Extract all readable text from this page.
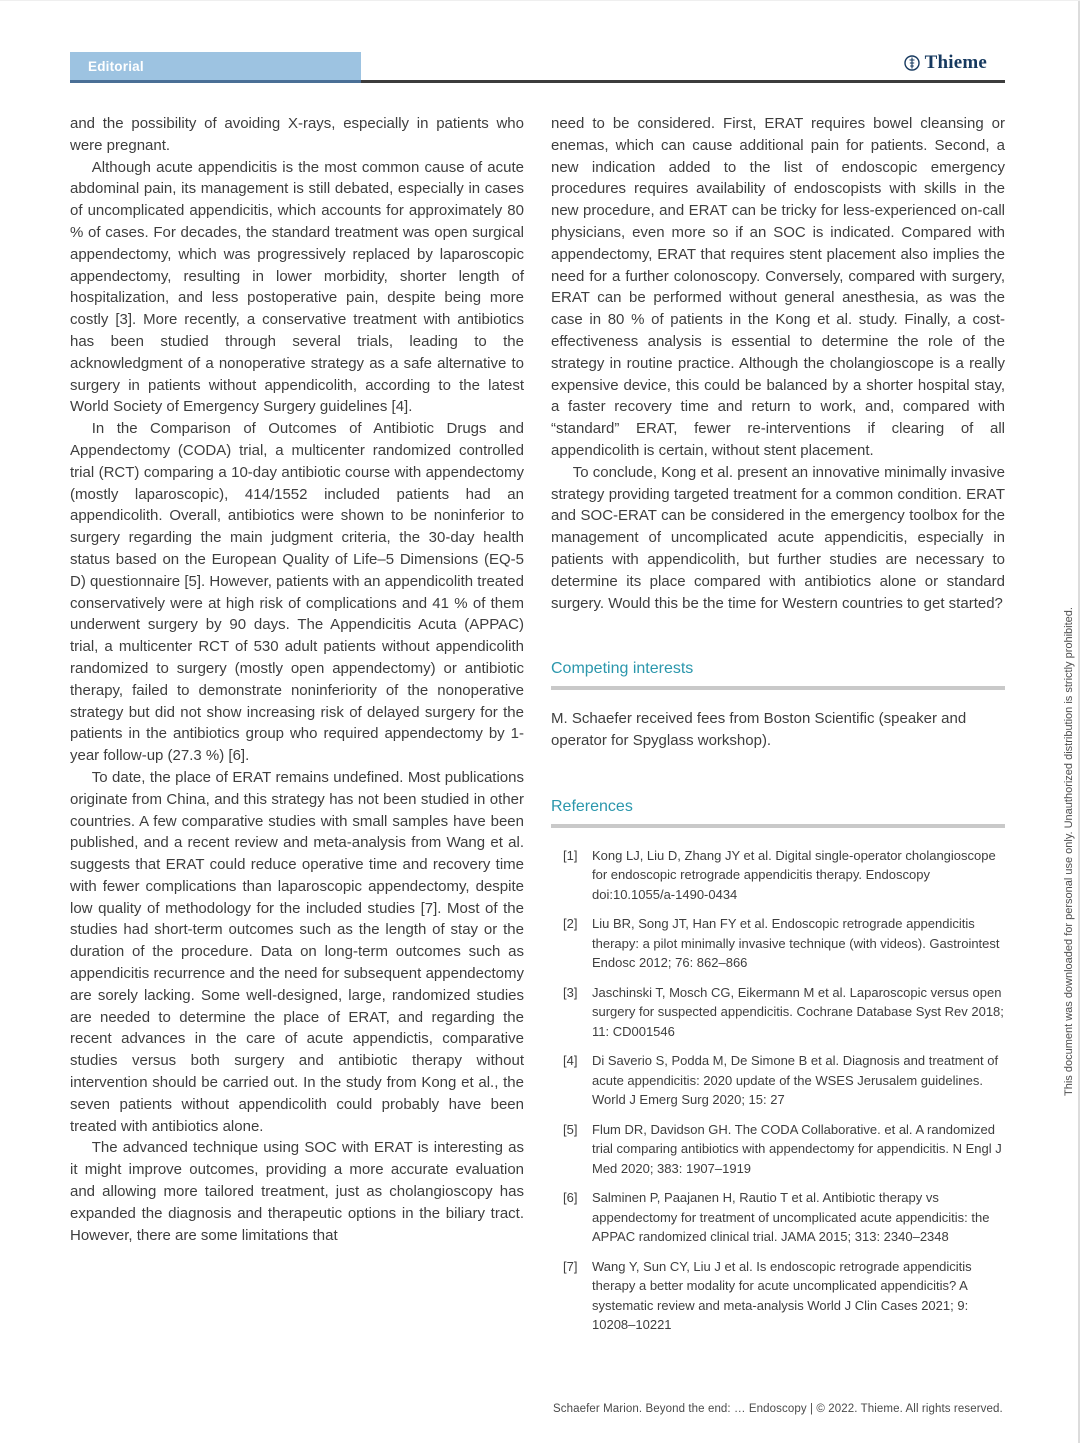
Editorial	Thieme

and the possibility of avoiding X-rays, especially in patients who were pregnant.

Although acute appendicitis is the most common cause of acute abdominal pain, its management is still debated, especially in cases of uncomplicated appendicitis, which accounts for approximately 80 % of cases. For decades, the standard treatment was open surgical appendectomy, which was progressively replaced by laparoscopic appendectomy, resulting in lower morbidity, shorter length of hospitalization, and less postoperative pain, despite being more costly [3]. More recently, a conservative treatment with antibiotics has been studied through several trials, leading to the acknowledgment of a nonoperative strategy as a safe alternative to surgery in patients without appendicolith, according to the latest World Society of Emergency Surgery guidelines [4].

In the Comparison of Outcomes of Antibiotic Drugs and Appendectomy (CODA) trial, a multicenter randomized controlled trial (RCT) comparing a 10-day antibiotic course with appendectomy (mostly laparoscopic), 414/1552 included patients had an appendicolith. Overall, antibiotics were shown to be noninferior to surgery regarding the main judgment criteria, the 30-day health status based on the European Quality of Life–5 Dimensions (EQ-5 D) questionnaire [5]. However, patients with an appendicolith treated conservatively were at high risk of complications and 41 % of them underwent surgery by 90 days. The Appendicitis Acuta (APPAC) trial, a multicenter RCT of 530 adult patients without appendicolith randomized to surgery (mostly open appendectomy) or antibiotic therapy, failed to demonstrate noninferiority of the nonoperative strategy but did not show increasing risk of delayed surgery for the patients in the antibiotics group who required appendectomy by 1-year follow-up (27.3 %) [6].

To date, the place of ERAT remains undefined. Most publications originate from China, and this strategy has not been studied in other countries. A few comparative studies with small samples have been published, and a recent review and meta-analysis from Wang et al. suggests that ERAT could reduce operative time and recovery time with fewer complications than laparoscopic appendectomy, despite low quality of methodology for the included studies [7]. Most of the studies had short-term outcomes such as the length of stay or the duration of the procedure. Data on long-term outcomes such as appendicitis recurrence and the need for subsequent appendectomy are sorely lacking. Some well-designed, large, randomized studies are needed to determine the place of ERAT, and regarding the recent advances in the care of acute appendictis, comparative studies versus both surgery and antibiotic therapy without intervention should be carried out. In the study from Kong et al., the seven patients without appendicolith could probably have been treated with antibiotics alone.

The advanced technique using SOC with ERAT is interesting as it might improve outcomes, providing a more accurate evaluation and allowing more tailored treatment, just as cholangioscopy has expanded the diagnosis and therapeutic options in the biliary tract. However, there are some limitations that

need to be considered. First, ERAT requires bowel cleansing or enemas, which can cause additional pain for patients. Second, a new indication added to the list of endoscopic emergency procedures requires availability of endoscopists with skills in the new procedure, and ERAT can be tricky for less-experienced on-call physicians, even more so if an SOC is indicated. Compared with appendectomy, ERAT that requires stent placement also implies the need for a further colonoscopy. Conversely, compared with surgery, ERAT can be performed without general anesthesia, as was the case in 80 % of patients in the Kong et al. study. Finally, a cost-effectiveness analysis is essential to determine the role of the strategy in routine practice. Although the cholangioscope is a really expensive device, this could be balanced by a shorter hospital stay, a faster recovery time and return to work, and, compared with “standard” ERAT, fewer re-interventions if clearing of all appendicolith is certain, without stent placement.

To conclude, Kong et al. present an innovative minimally invasive strategy providing targeted treatment for a common condition. ERAT and SOC-ERAT can be considered in the emergency toolbox for the management of uncomplicated acute appendicitis, especially in patients with appendicolith, but further studies are necessary to determine its place compared with antibiotics alone or standard surgery. Would this be the time for Western countries to get started?

Competing interests

M. Schaefer received fees from Boston Scientific (speaker and operator for Spyglass workshop).

References
[1]	Kong LJ, Liu D, Zhang JY et al. Digital single-operator cholangioscope for endoscopic retrograde appendicitis therapy. Endoscopy doi:10.1055/a-1490-0434
[2]	Liu BR, Song JT, Han FY et al. Endoscopic retrograde appendicitis therapy: a pilot minimally invasive technique (with videos). Gastrointest Endosc 2012; 76: 862–866
[3]	Jaschinski T, Mosch CG, Eikermann M et al. Laparoscopic versus open surgery for suspected appendicitis. Cochrane Database Syst Rev 2018; 11: CD001546
[4]	Di Saverio S, Podda M, De Simone B et al. Diagnosis and treatment of acute appendicitis: 2020 update of the WSES Jerusalem guidelines. World J Emerg Surg 2020; 15: 27
[5]	Flum DR, Davidson GH. The CODA Collaborative. et al. A randomized trial comparing antibiotics with appendectomy for appendicitis. N Engl J Med 2020; 383: 1907–1919
[6]	Salminen P, Paajanen H, Rautio T et al. Antibiotic therapy vs appendectomy for treatment of uncomplicated acute appendicitis: the APPAC randomized clinical trial. JAMA 2015; 313: 2340–2348
[7]	Wang Y, Sun CY, Liu J et al. Is endoscopic retrograde appendicitis therapy a better modality for acute uncomplicated appendicitis? A systematic review and meta-analysis World J Clin Cases 2021; 9: 10208–10221
Schaefer Marion. Beyond the end: … Endoscopy | © 2022. Thieme. All rights reserved.
This document was downloaded for personal use only. Unauthorized distribution is strictly prohibited.
